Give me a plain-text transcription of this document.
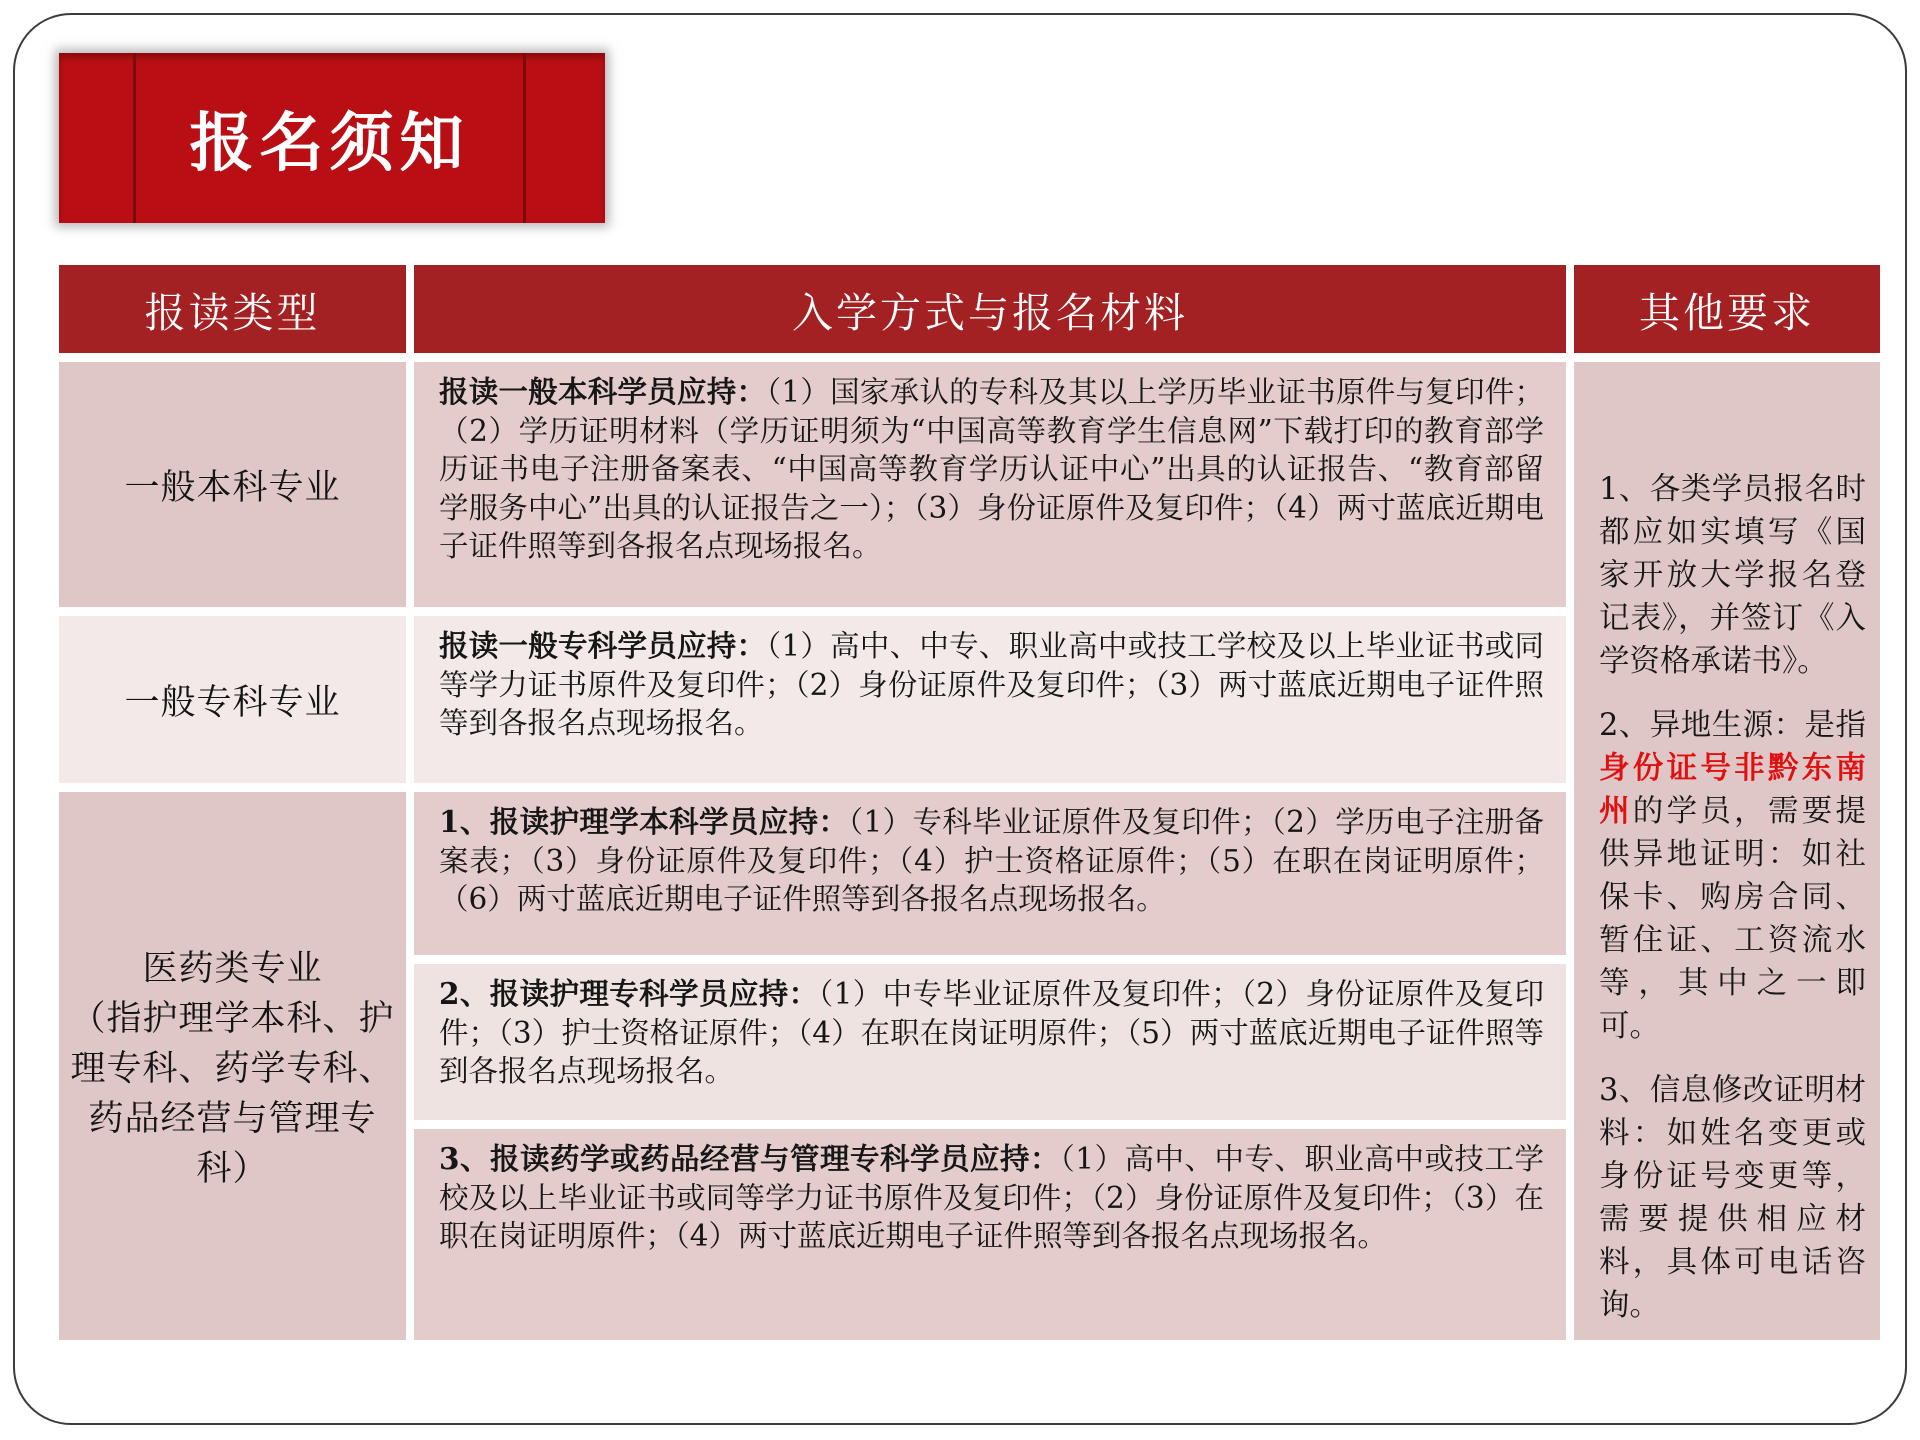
报名须知
报读类型	入学方式与报名材料	其他要求
一般本科专业
报读一般本科学员应持：（1）国家承认的专科及其以上学历毕业证书原件与复印件；（2）学历证明材料（学历证明须为“中国高等教育学生信息网”下载打印的教育部学历证书电子注册备案表、“中国高等教育学历认证中心”出具的认证报告、“教育部留学服务中心”出具的认证报告之一）；（3）身份证原件及复印件；（4）两寸蓝底近期电子证件照等到各报名点现场报名。
一般专科专业
报读一般专科学员应持：（1）高中、中专、职业高中或技工学校及以上毕业证书或同等学力证书原件及复印件；（2）身份证原件及复印件；（3）两寸蓝底近期电子证件照等到各报名点现场报名。
医药类专业
（指护理学本科、护理专科、药学专科、药品经营与管理专科）
1、报读护理学本科学员应持：（1）专科毕业证原件及复印件；（2）学历电子注册备案表；（3）身份证原件及复印件；（4）护士资格证原件；（5）在职在岗证明原件；（6）两寸蓝底近期电子证件照等到各报名点现场报名。
2、报读护理专科学员应持：（1）中专毕业证原件及复印件；（2）身份证原件及复印件；（3）护士资格证原件；（4）在职在岗证明原件；（5）两寸蓝底近期电子证件照等到各报名点现场报名。
3、报读药学或药品经营与管理专科学员应持：（1）高中、中专、职业高中或技工学校及以上毕业证书或同等学力证书原件及复印件；（2）身份证原件及复印件；（3）在职在岗证明原件；（4）两寸蓝底近期电子证件照等到各报名点现场报名。

1、各类学员报名时都应如实填写《国家开放大学报名登记表》，并签订《入学资格承诺书》。

2、异地生源：是指身份证号非黔东南州的学员，需要提供异地证明：如社保卡、购房合同、暂住证、工资流水等，其中之一即可。

3、信息修改证明材料：如姓名变更或身份证号变更等，需要提供相应材料，具体可电话咨询。
